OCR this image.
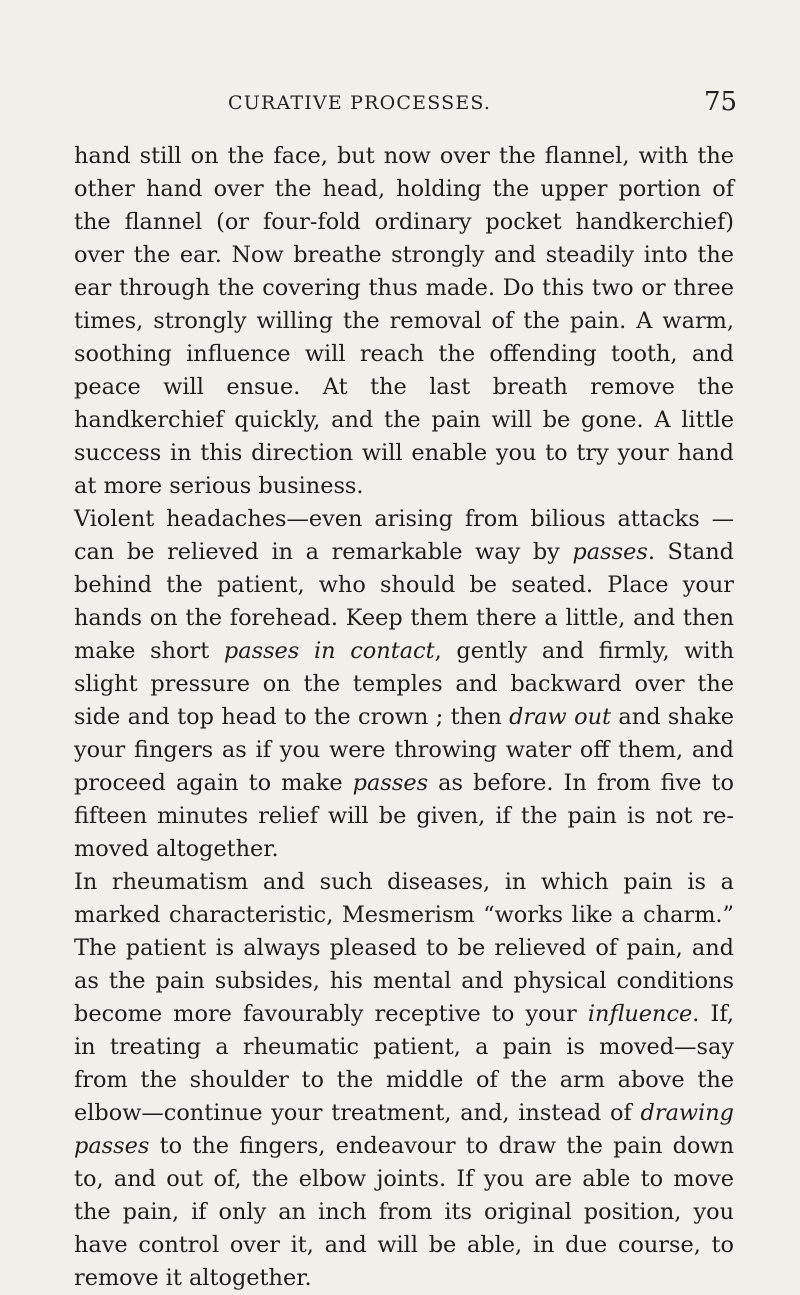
CURATIVE PROCESSES.	75

hand still on the face, but now over the flannel, with the other hand over the head, holding the upper portion of the flannel (or four-fold ordinary pocket handkerchief) over the ear. Now breathe strongly and steadily into the ear through the covering thus made. Do this two or three times, strongly willing the removal of the pain. A warm, soothing influence will reach the offending tooth, and peace will ensue. At the last breath remove the handkerchief quickly, and the pain will be gone. A little success in this direction will enable you to try your hand at more serious business.

Violent headaches—even arising from bilious attacks —can be relieved in a remarkable way by passes. Stand behind the patient, who should be seated. Place your hands on the forehead. Keep them there a little, and then make short passes in contact, gently and firmly, with slight pressure on the temples and backward over the side and top head to the crown ; then draw out and shake your fingers as if you were throwing water off them, and proceed again to make passes as before. In from five to fifteen minutes relief will be given, if the pain is not re-moved altogether.

In rheumatism and such diseases, in which pain is a marked characteristic, Mesmerism “works like a charm.” The patient is always pleased to be relieved of pain, and as the pain subsides, his mental and physical conditions become more favourably receptive to your influence. If, in treating a rheumatic patient, a pain is moved—say from the shoulder to the middle of the arm above the elbow—continue your treatment, and, instead of drawing passes to the fingers, endeavour to draw the pain down to, and out of, the elbow joints. If you are able to move the pain, if only an inch from its original position, you have control over it, and will be able, in due course, to remove it altogether.
